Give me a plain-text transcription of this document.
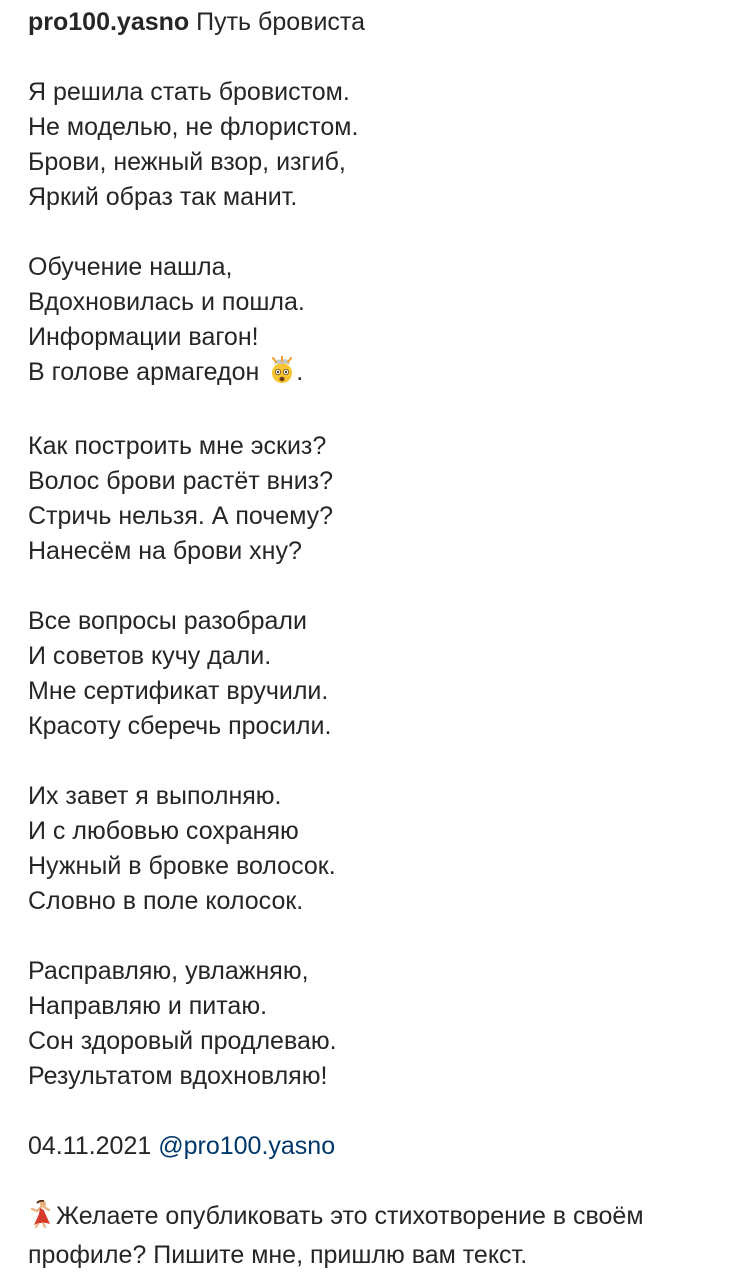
pro100.yasno Путь бровиста
Я решила стать бровистом.
Не моделью, не флористом.
Брови, нежный взор, изгиб,
Яркий образ так манит.
Обучение нашла,
Вдохновилась и пошла.
Информации вагон!
В голове армагедон .
Как построить мне эскиз?
Волос брови растёт вниз?
Стричь нельзя. А почему?
Нанесём на брови хну?
Все вопросы разобрали
И советов кучу дали.
Мне сертификат вручили.
Красоту сберечь просили.
Их завет я выполняю.
И с любовью сохраняю
Нужный в бровке волосок.
Словно в поле колосок.
Расправляю, увлажняю,
Направляю и питаю.
Сон здоровый продлеваю.
Результатом вдохновляю!
04.11.2021 @pro100.yasno
Желаете опубликовать это стихотворение в своём профиле? Пишите мне, пришлю вам текст.
